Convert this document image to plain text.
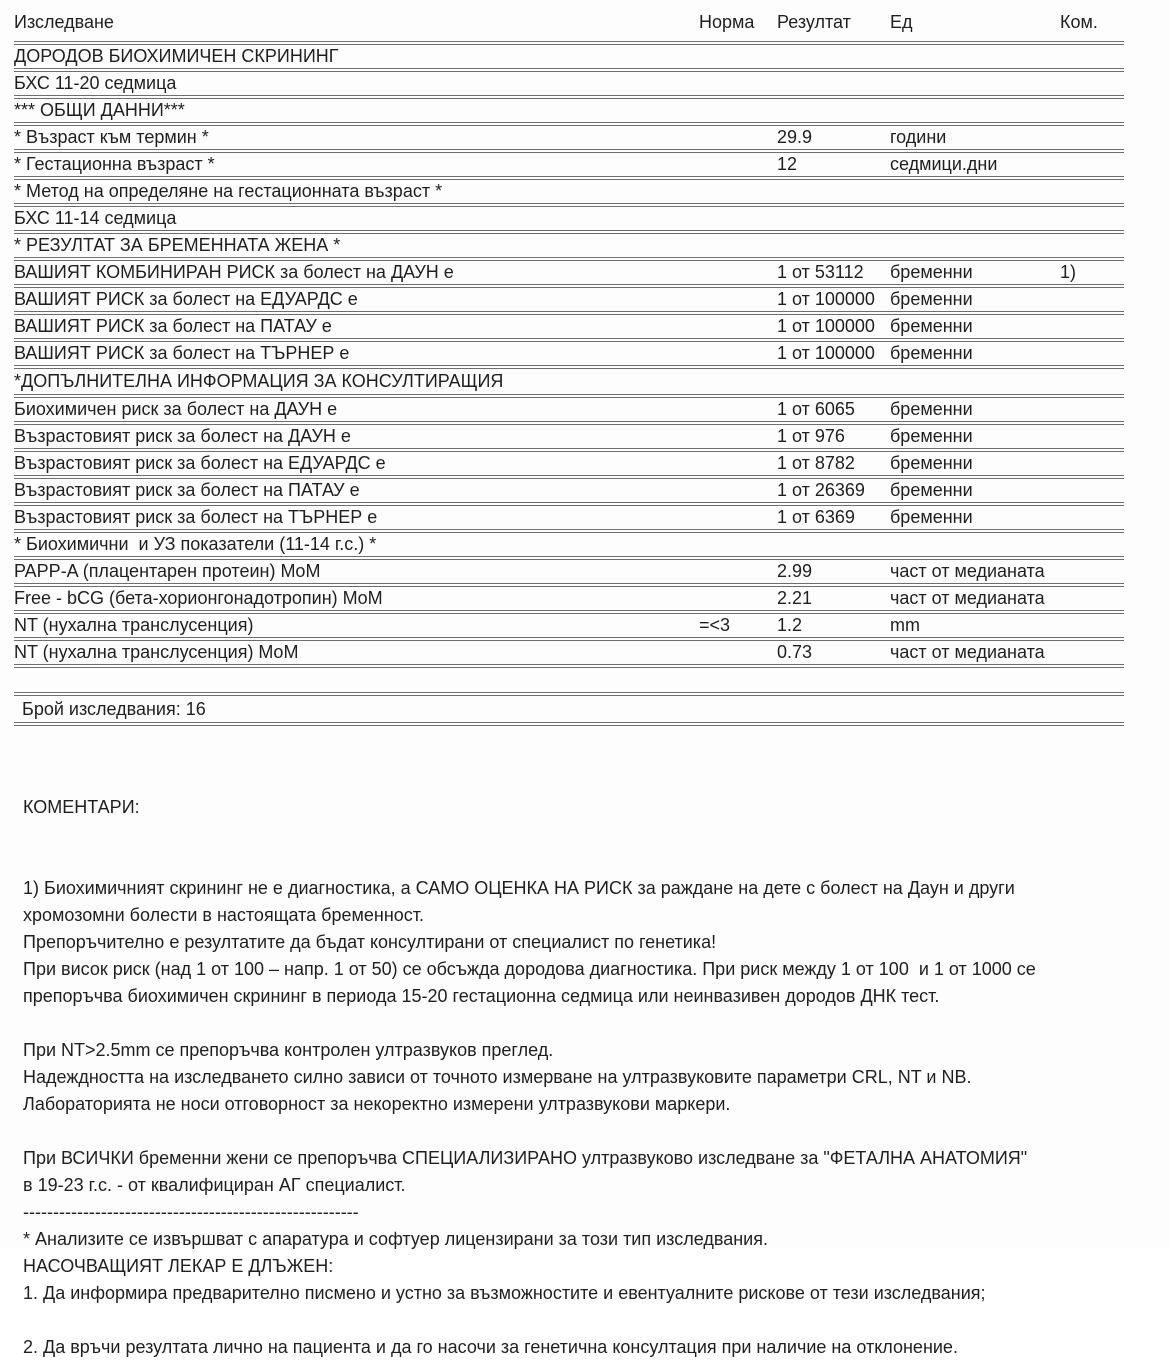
Изследване	Норма	Резултат	Ед	Ком.
ДОРОДОВ БИОХИМИЧЕН СКРИНИНГ				
БХС 11-20 седмица				
*** ОБЩИ ДАННИ***				
* Възраст към термин *		29.9	години	
* Гестационна възраст *		12	седмици.дни	
* Метод на определяне на гестационната възраст *				
БХС 11-14 седмица				
* РЕЗУЛТАТ ЗА БРЕМЕННАТА ЖЕНА *				
ВАШИЯТ КОМБИНИРАН РИСК за болест на ДАУН е		1 от 53112	бременни	1)
ВАШИЯТ РИСК за болест на ЕДУАРДС е		1 от 100000	бременни	
ВАШИЯТ РИСК за болест на ПАТАУ е		1 от 100000	бременни	
ВАШИЯТ РИСК за болест на ТЪРНЕР е		1 от 100000	бременни	
*ДОПЪЛНИТЕЛНА ИНФОРМАЦИЯ ЗА КОНСУЛТИРАЩИЯ				
Биохимичен риск за болест на ДАУН е		1 от 6065	бременни	
Възрастовият риск за болест на ДАУН е		1 от 976	бременни	
Възрастовият риск за болест на ЕДУАРДС е		1 от 8782	бременни	
Възрастовият риск за болест на ПАТАУ е		1 от 26369	бременни	
Възрастовият риск за болест на ТЪРНЕР е		1 от 6369	бременни	
* Биохимични  и УЗ показатели (11-14 г.с.) *				
PAPP-A (плацентарен протеин) MoM		2.99	част от медианата	
Free - bCG (бета-хорионгонадотропин) MoM		2.21	част от медианата	
NT (нухална транслусенция)	=<3	1.2	mm	
NT (нухална транслусенция) MoM		0.73	част от медианата	
Брой изследвания: 16

КОМЕНТАРИ:

1) Биохимичният скрининг не е диагностика, а САМО ОЦЕНКА НА РИСК за раждане на дете с болест на Даун и други
хромозомни болести в настоящата бременност.
Препоръчително е резултатите да бъдат консултирани от специалист по генетика!
При висок риск (над 1 от 100 – напр. 1 от 50) се обсъжда дородова диагностика. При риск между 1 от 100  и 1 от 1000 се
препоръчва биохимичен скрининг в периода 15-20 гестационна седмица или неинвазивен дородов ДНК тест.
При NT>2.5mm се препоръчва контролен ултразвуков преглед.
Надеждността на изследването силно зависи от точното измерване на ултразвуковите параметри CRL, NT и NB.
Лабораторията не носи отговорност за некоректно измерени ултразвукови маркери.
При ВСИЧКИ бременни жени се препоръчва СПЕЦИАЛИЗИРАНО ултразвуково изследване за "ФЕТАЛНА АНАТОМИЯ"
в 19-23 г.с. - от квалифициран АГ специалист.
--------------------------------------------------------
* Анализите се извършват с апаратура и софтуер лицензирани за този тип изследвания.
НАСОЧВАЩИЯТ ЛЕКАР Е ДЛЪЖЕН:
1. Да информира предварително писмено и устно за възможностите и евентуалните рискове от тези изследвания;
2. Да връчи резултата лично на пациента и да го насочи за генетична консултация при наличие на отклонение.
